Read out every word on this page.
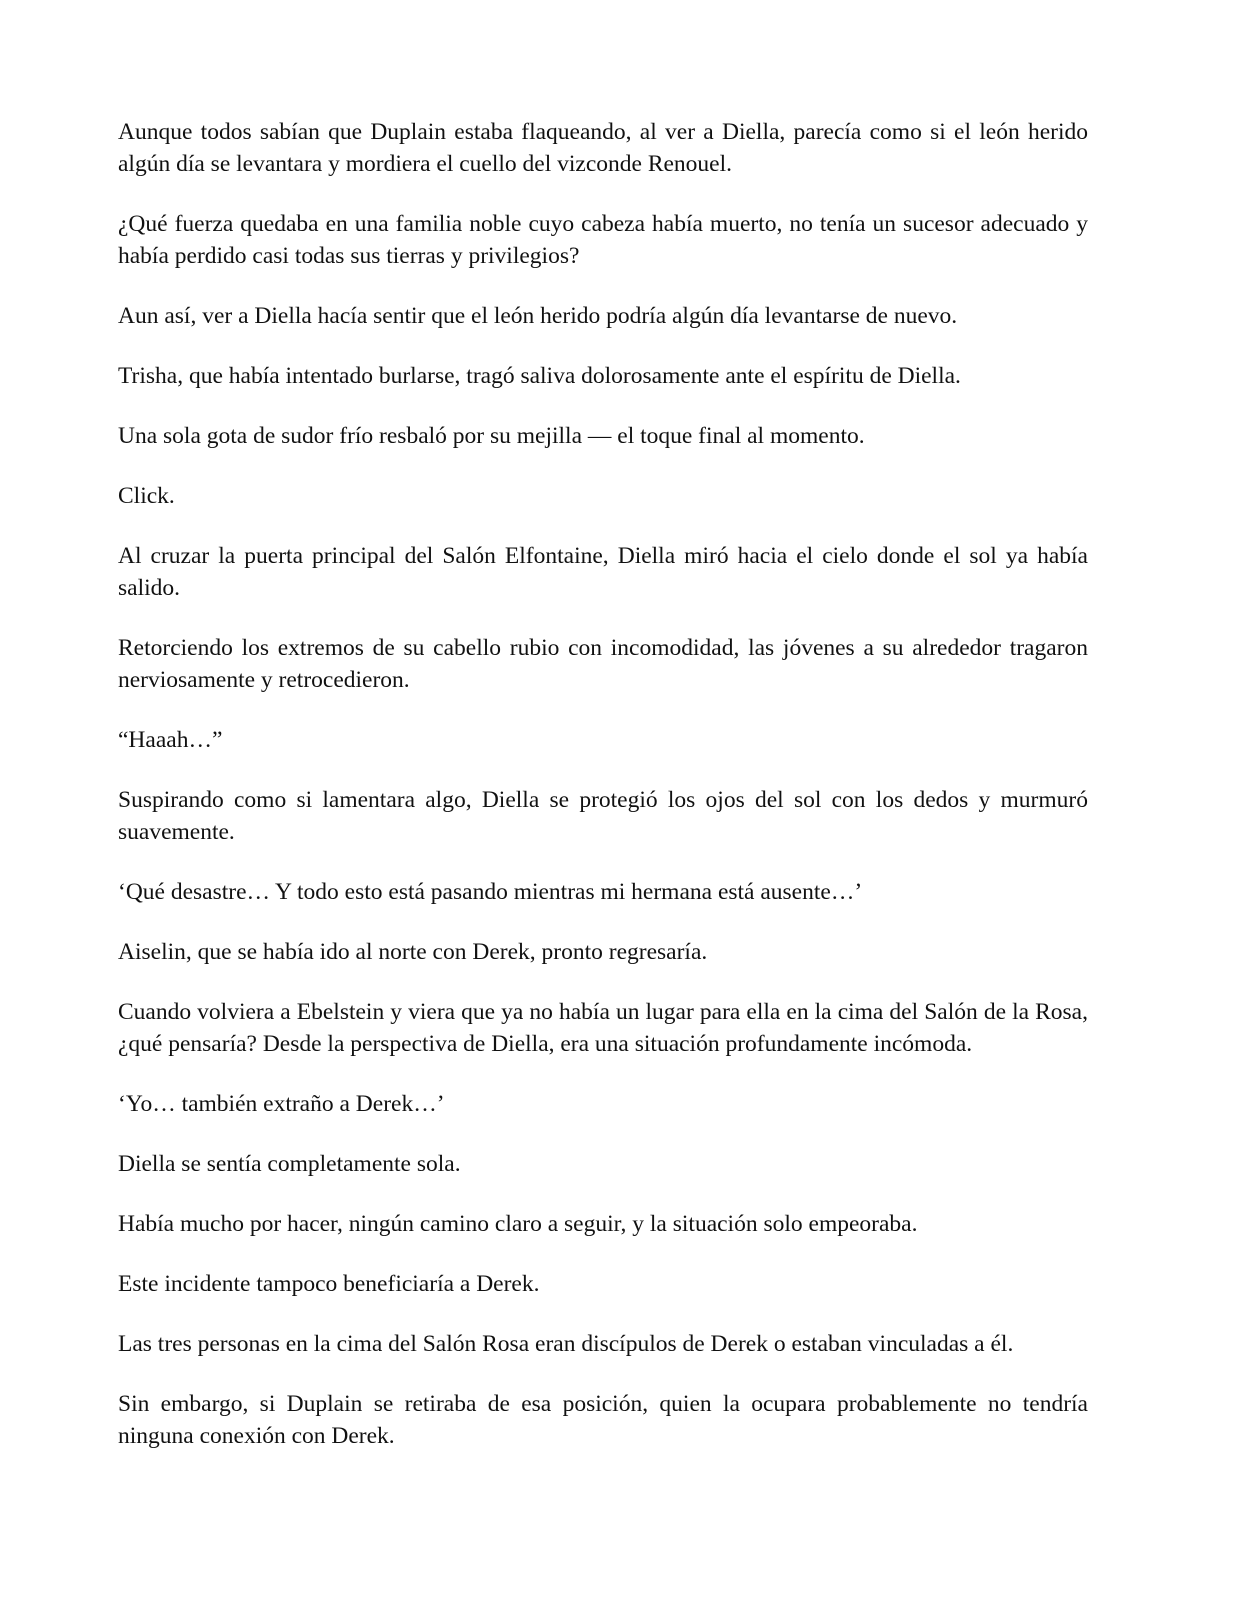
Aunque todos sabían que Duplain estaba flaqueando, al ver a Diella, parecía como si el león herido algún día se levantara y mordiera el cuello del vizconde Renouel.

¿Qué fuerza quedaba en una familia noble cuyo cabeza había muerto, no tenía un sucesor adecuado y había perdido casi todas sus tierras y privilegios?

Aun así, ver a Diella hacía sentir que el león herido podría algún día levantarse de nuevo.

Trisha, que había intentado burlarse, tragó saliva dolorosamente ante el espíritu de Diella.

Una sola gota de sudor frío resbaló por su mejilla — el toque final al momento.

Click.

Al cruzar la puerta principal del Salón Elfontaine, Diella miró hacia el cielo donde el sol ya había salido.

Retorciendo los extremos de su cabello rubio con incomodidad, las jóvenes a su alrededor tragaron nerviosamente y retrocedieron.

“Haaah…”

Suspirando como si lamentara algo, Diella se protegió los ojos del sol con los dedos y murmuró suavemente.

‘Qué desastre… Y todo esto está pasando mientras mi hermana está ausente…’

Aiselin, que se había ido al norte con Derek, pronto regresaría.

Cuando volviera a Ebelstein y viera que ya no había un lugar para ella en la cima del Salón de la Rosa, ¿qué pensaría? Desde la perspectiva de Diella, era una situación profundamente incómoda.

‘Yo… también extraño a Derek…’

Diella se sentía completamente sola.

Había mucho por hacer, ningún camino claro a seguir, y la situación solo empeoraba.

Este incidente tampoco beneficiaría a Derek.

Las tres personas en la cima del Salón Rosa eran discípulos de Derek o estaban vinculadas a él.

Sin embargo, si Duplain se retiraba de esa posición, quien la ocupara probablemente no tendría ninguna conexión con Derek.
